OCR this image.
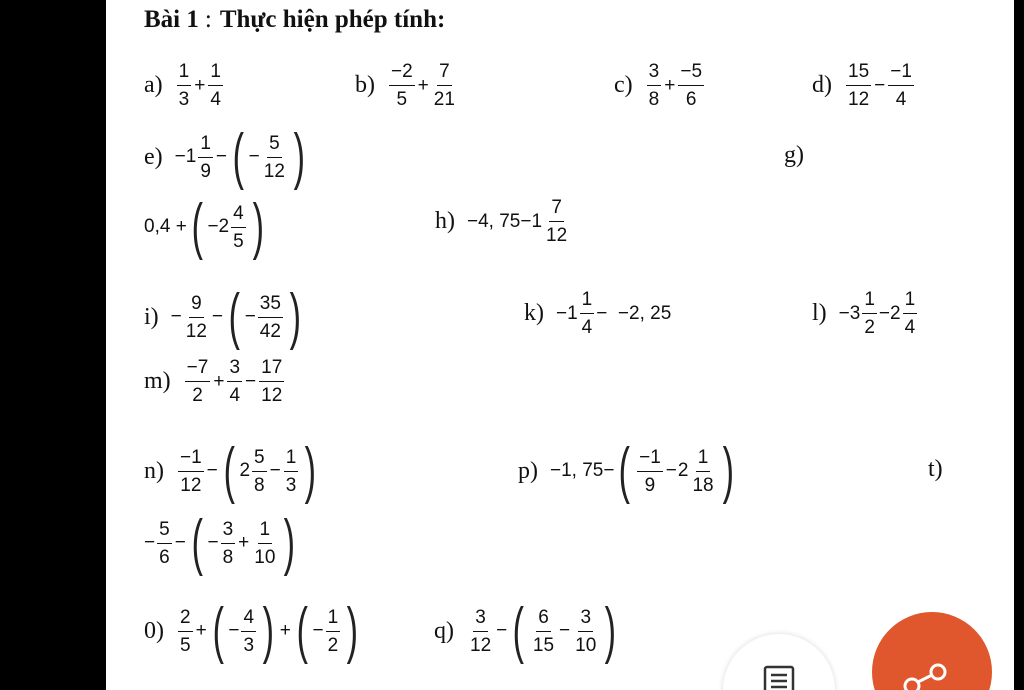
Bài 1 : Thực hiện phép tính:
$a) \frac{1}{3} + \frac{1}{4}$	$b) \frac{-2}{5} + \frac{7}{21}$	$c) \frac{3}{8} + \frac{-5}{6}$	$d) \frac{15}{12} - \frac{-1}{4}$
$e) -1 \frac{1}{9}$ − ( − $\frac{5}{12}$ )	g)
0,4 + ( $-2 \frac{4}{5}$ )	h) −4, $75-1 \frac{7}{12}$
$i) - \frac{9}{12}$ − ( − $\frac{35}{42}$ )	$k) -1 \frac{1}{4} - -2$, 25	$l) -3 \frac{1}{2} -2 \frac{1}{4}$
$m) \frac{-7}{2} + \frac{3}{4} - \frac{17}{12}$
$n) \frac{-1}{12}$ − ( $2 \frac{5}{8} - \frac{1}{3}$ )	p) −1, 75− ( $\frac{-1}{9} - 2 \frac{1}{18}$ )	t)
− $\frac{5}{6}$ − ( − $\frac{3}{8} + \frac{1}{10}$ )
$0) \frac{2}{5}$ + ( − $\frac{4}{3}$ ) + ( − $\frac{1}{2}$ )	$q) \frac{3}{12}$ − ( $\frac{6}{15} - \frac{3}{10}$ )
